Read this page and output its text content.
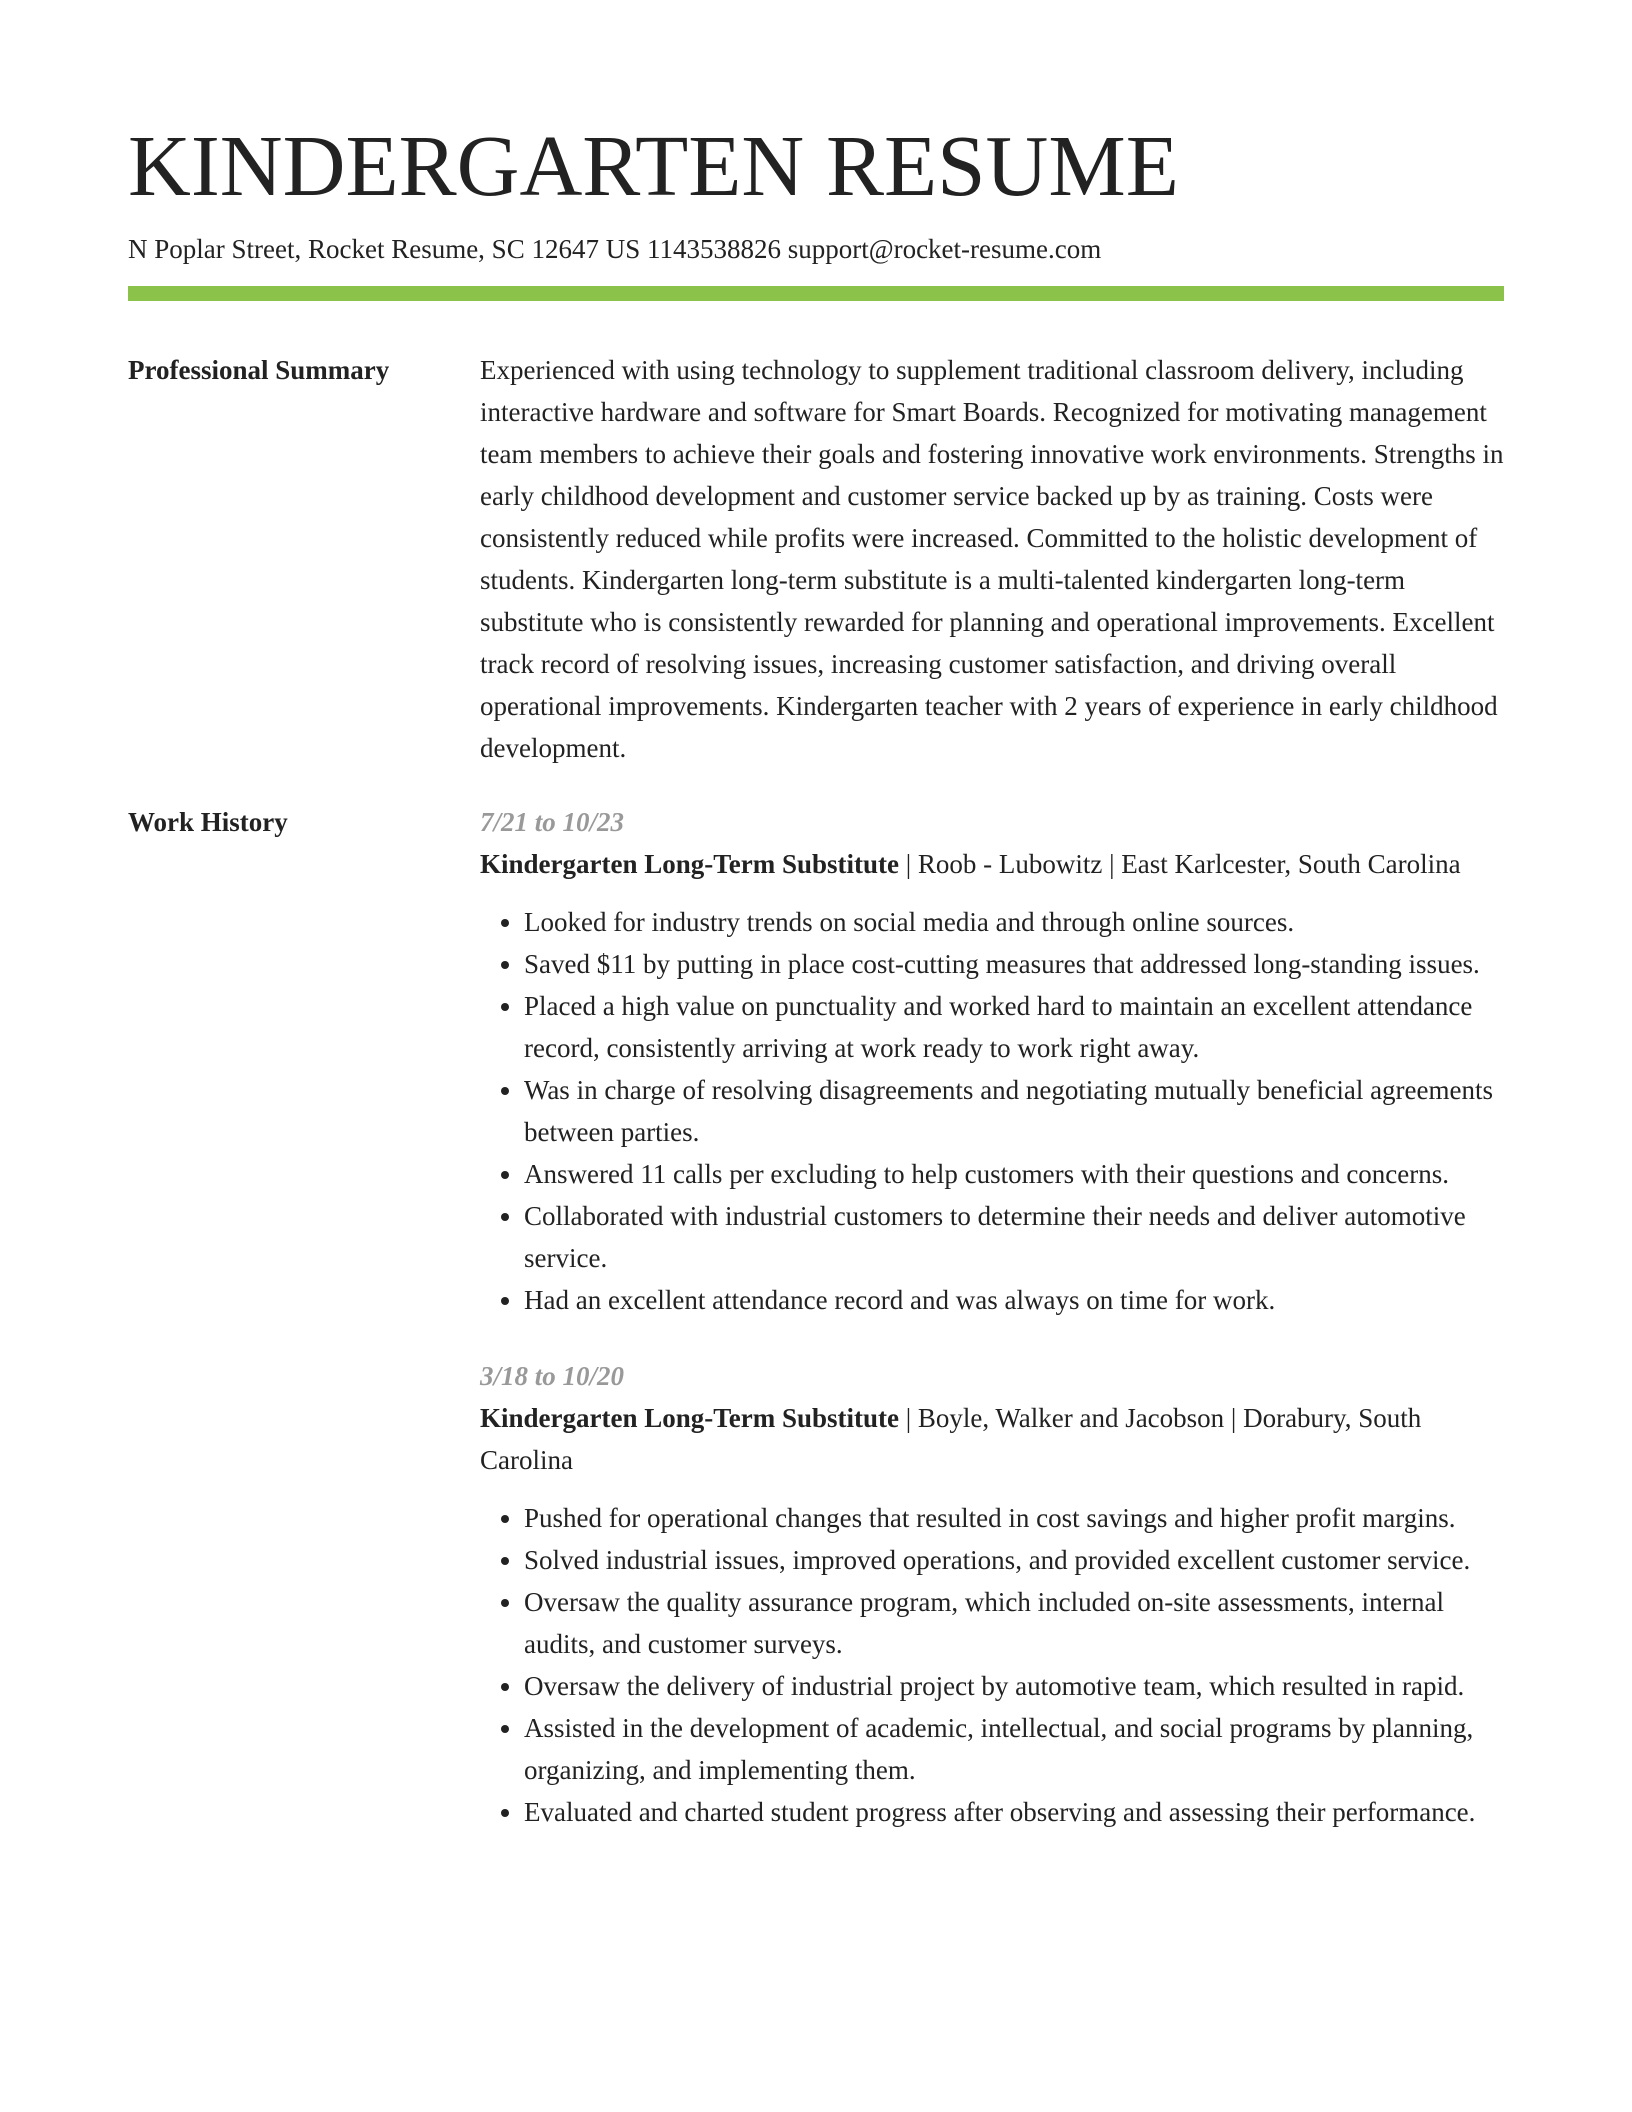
KINDERGARTEN RESUME
N Poplar Street, Rocket Resume, SC 12647 US 1143538826 support@rocket-resume.com
Professional Summary	Experienced with using technology to supplement traditional classroom delivery, including interactive hardware and software for Smart Boards. Recognized for motivating management team members to achieve their goals and fostering innovative work environments. Strengths in early childhood development and customer service backed up by as training. Costs were consistently reduced while profits were increased. Committed to the holistic development of students. Kindergarten long-term substitute is a multi-talented kindergarten long-term substitute who is consistently rewarded for planning and operational improvements. Excellent track record of resolving issues, increasing customer satisfaction, and driving overall operational improvements. Kindergarten teacher with 2 years of experience in early childhood development.

Work History	7/21 to 10/23
Kindergarten Long-Term Substitute | Roob - Lubowitz | East Karlcester, South Carolina
• Looked for industry trends on social media and through online sources.
• Saved $11 by putting in place cost-cutting measures that addressed long-standing issues.
• Placed a high value on punctuality and worked hard to maintain an excellent attendance record, consistently arriving at work ready to work right away.
• Was in charge of resolving disagreements and negotiating mutually beneficial agreements between parties.
• Answered 11 calls per excluding to help customers with their questions and concerns.
• Collaborated with industrial customers to determine their needs and deliver automotive service.
• Had an excellent attendance record and was always on time for work.
3/18 to 10/20
Kindergarten Long-Term Substitute | Boyle, Walker and Jacobson | Dorabury, South Carolina
• Pushed for operational changes that resulted in cost savings and higher profit margins.
• Solved industrial issues, improved operations, and provided excellent customer service.
• Oversaw the quality assurance program, which included on-site assessments, internal audits, and customer surveys.
• Oversaw the delivery of industrial project by automotive team, which resulted in rapid.
• Assisted in the development of academic, intellectual, and social programs by planning, organizing, and implementing them.
• Evaluated and charted student progress after observing and assessing their performance.
